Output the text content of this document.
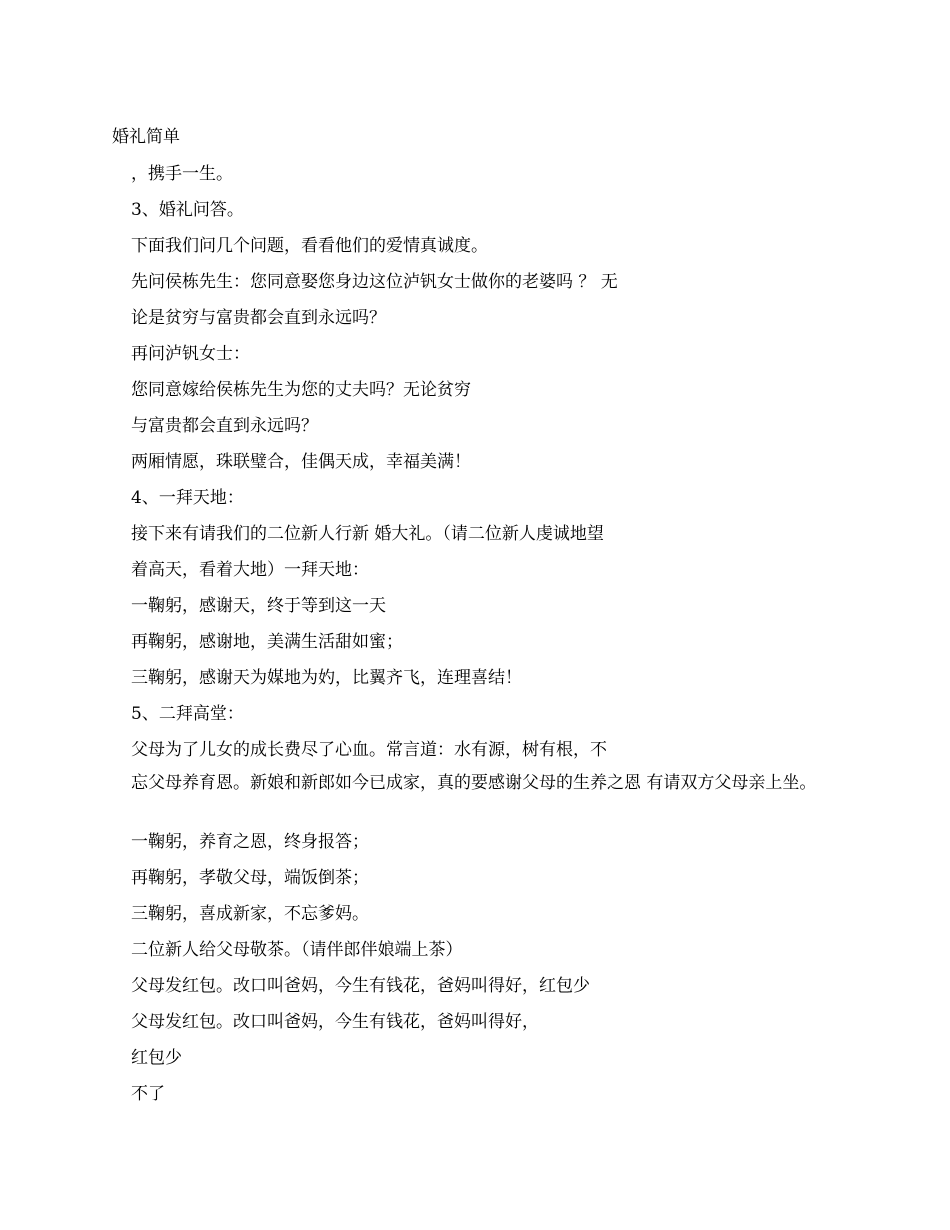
婚礼简单
，携手一生。
3、婚礼问答。
下面我们问几个问题，看看他们的爱情真诚度。
先问侯栋先生：您同意娶您身边这位泸钒女士做你的老婆吗 ？ 无
论是贫穷与富贵都会直到永远吗？
再问泸钒女士：
您同意嫁给侯栋先生为您的丈夫吗？无论贫穷
与富贵都会直到永远吗？
两厢情愿，珠联璧合，佳偶天成，幸福美满！
4、一拜天地：
接下来有请我们的二位新人行新 婚大礼。（请二位新人虔诚地望
着高天，看着大地）一拜天地：
一鞠躬，感谢天，终于等到这一天
再鞠躬，感谢地，美满生活甜如蜜；
三鞠躬，感谢天为媒地为妁，比翼齐飞，连理喜结！
5、二拜高堂：
父母为了儿女的成长费尽了心血。常言道：水有源，树有根，不
忘父母养育恩。新娘和新郎如今已成家，真的要感谢父母的生养之恩 有请双方父母亲上坐。
一鞠躬，养育之恩，终身报答；
再鞠躬，孝敬父母，端饭倒茶；
三鞠躬，喜成新家，不忘爹妈。
二位新人给父母敬茶。（请伴郎伴娘端上茶）
父母发红包。改口叫爸妈，今生有钱花，爸妈叫得好，红包少
父母发红包。改口叫爸妈，今生有钱花，爸妈叫得好，
红包少
不了
